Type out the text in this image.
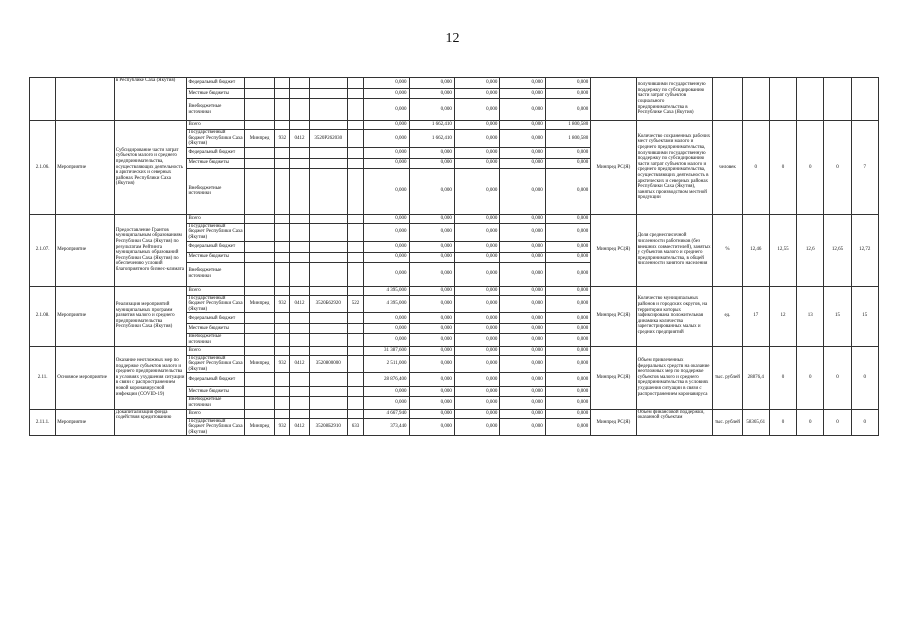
12
		в Республике Саха (Якутия)	Федеральный бюджет						0,000	0,000	0,000	0,000	0,000		получившими государственную поддержку по субсидированию части затрат субъектов социального предпринимательства в Республике Саха (Якутия)						
			Местные бюджеты						0,000	0,000	0,000	0,000	0,000								
			Внебюджетные источники						0,000	0,000	0,000	0,000	0,000								
2.1.06.	Мероприятие	Субсидирование части затрат субъектов малого и среднего предпринимательства, осуществляющих деятельность в арктических и северных районах Республики Саха (Якутия)	Всего						0,000	1 662,410	0,000	0,000	1 800,580	Минпред РС(Я)	Количество сохраненных рабочих мест субъектами малого и среднего предпринимательства, получившими государственную поддержку по субсидированию части затрат субъектов малого и среднего предпринимательства, осуществляющих деятельность в арктических и северных районах Республики Саха (Якутия), занятых производством местной продукции	человек	0	0	0	0	7
			Государственный бюджет Республики Саха (Якутия)	Минпред	932	0412	3520Р262030		0,000	1 662,410	0,000	0,000	1 800,580								
			Федеральный бюджет						0,000	0,000	0,000	0,000	0,000								
			Местные бюджеты						0,000	0,000	0,000	0,000	0,000								
			Внебюджетные источники						0,000	0,000	0,000	0,000	0,000								
2.1.07.	Мероприятие	Предоставление Грантов муниципальным образованиям Республики Саха (Якутия) по результатам Рейтинга муниципальных образований Республики Саха (Якутия) по обеспечению условий благоприятного бизнес-климата	Всего						0,000	0,000	0,000	0,000	0,000	Минпред РС(Я)	Доля среднесписочной численности работников (без внешних совместителей), занятых у субъектов малого и среднего предпринимательства, в общей численности занятого населения	%	12,46	12,55	12,6	12,65	12,72
			Государственный бюджет Республики Саха (Якутия)						0,000	0,000	0,000	0,000	0,000								
			Федеральный бюджет						0,000	0,000	0,000	0,000	0,000								
			Местные бюджеты						0,000	0,000	0,000	0,000	0,000								
			Внебюджетные источники						0,000	0,000	0,000	0,000	0,000								
2.1.08.	Мероприятие	Реализация мероприятий муниципальных программ развития малого и среднего предпринимательства Республики Саха (Якутия)	Всего						4 395,000	0,000	0,000	0,000	0,000	Минпред РС(Я)	Количество муниципальных районов и городских округов, на территории которых зафиксирована положительная динамика количества зарегистрированных малых и средних предприятий	ед.	17	12	13	15	15
			Государственный бюджет Республики Саха (Якутия)	Минпред	932	0412	3520Б62920	522	4 395,000	0,000	0,000	0,000	0,000								
			Федеральный бюджет						0,000	0,000	0,000	0,000	0,000								
			Местные бюджеты						0,000	0,000	0,000	0,000	0,000								
			Внебюджетные источники						0,000	0,000	0,000	0,000	0,000								
2.11.	Основное мероприятие	Оказание неотложных мер по поддержке субъектов малого и среднего предпринимательства в условиях ухудшения ситуации в связи с распространением новой коронавирусной инфекции (COVID-19)	Всего						31 387,600	0,000	0,000	0,000	0,000	Минпред РС(Я)	Объем привлеченных федеральных средств на оказание неотложных мер по поддержке субъектов малого и среднего предпринимательства в условиях ухудшения ситуации в связи с распространением коронавируса	тыс. рублей	28876,4	0	0	0	0
			Государственный бюджет Республики Саха (Якутия)	Минпред	932	0412	3520800000		2 511,000	0,000	0,000	0,000	0,000								
			Федеральный бюджет						28 876,400	0,000	0,000	0,000	0,000								
			Местные бюджеты						0,000	0,000	0,000	0,000	0,000								
			Внебюджетные источники						0,000	0,000	0,000	0,000	0,000								
2.11.1.	Мероприятие	Докапитализация фонда содействия кредитованию	Всего						4 667,940	0,000	0,000	0,000	0,000	Минпред РС(Я)	Объем финансовой поддержки, оказанной субъектам	тыс. рублей	58365,61	0	0	0	0
			Государственный бюджет Республики Саха (Якутия)	Минпред	932	0412	35208Б2910	633	373,440	0,000	0,000	0,000	0,000								
